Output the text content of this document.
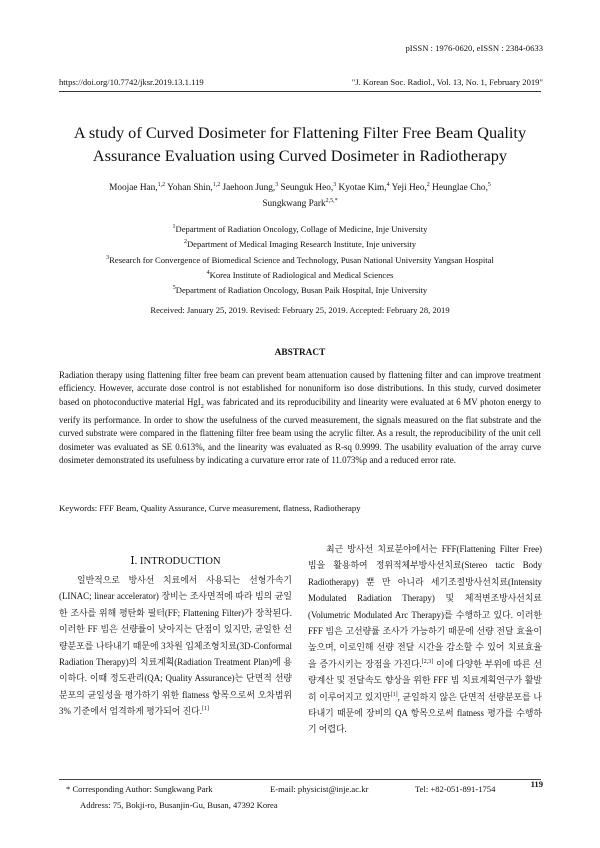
pISSN : 1976-0620, eISSN : 2384-0633
https://doi.org/10.7742/jksr.2019.13.1.119	"J. Korean Soc. Radiol., Vol. 13, No. 1, February 2019"
A study of Curved Dosimeter for Flattening Filter Free Beam Quality
Assurance Evaluation using Curved Dosimeter in Radiotherapy
Moojae Han,$^{1,2}$ Yohan Shin,$^{1,2}$ Jaehoon Jung,$^3$ Seunguk Heo,$^3$ Kyotae Kim,$^4$ Yeji Heo,$^2$ Heunglae Cho,$^5$
Sungkwang Park$^{2,5,*}$
$^1$Department of Radiation Oncology, Collage of Medicine, Inje University
$^2$Department of Medical Imaging Research Institute, Inje university
$^3$Research for Convergence of Biomedical Science and Technology, Pusan National University Yangsan Hospital
$^4$Korea Institute of Radiological and Medical Sciences
$^5$Department of Radiation Oncology, Busan Paik Hospital, Inje University
Received: January 25, 2019. Revised: February 25, 2019. Accepted: February 28, 2019
ABSTRACT
Radiation therapy using flattening filter free beam can prevent beam attenuation caused by flattening filter and can improve treatment efficiency. However, accurate dose control is not established for nonuniform iso dose distributions. In this study, curved dosimeter based on photoconductive material HgI$_2$ was fabricated and its reproducibility and linearity were evaluated at 6 MV photon energy to verify its performance. In order to show the usefulness of the curved measurement, the signals measured on the flat substrate and the curved substrate were compared in the flattening filter free beam using the acrylic filter. As a result, the reproducibility of the unit cell dosimeter was evaluated as SE 0.613%, and the linearity was evaluated as R-sq 0.9999. The usability evaluation of the array curve dosimeter demonstrated its usefulness by indicating a curvature error rate of 11.073%p and a reduced error rate.
Keywords: FFF Beam, Quality Assurance, Curve measurement, flatness, Radiotherapy
Ⅰ. INTRODUCTION

일반적으로 방사선 치료에서 사용되는 선형가속기(LINAC; linear accelerator) 장비는 조사면적에 따라 빔의 균일한 조사를 위해 평탄화 필터(FF; Flattening Filter)가 장착된다. 이러한 FF 빔은 선량률이 낮아지는 단점이 있지만, 균일한 선량분포를 나타내기 때문에 3차원 입체조형치료(3D-Conformal Radiation Therapy)의 치료계획(Radiation Treatment Plan)에 용이하다. 이때 정도관리(QA; Quality Assurance)는 단면적 선량분포의 균일성을 평가하기 위한 flatness 항목으로써 오차범위 3% 기준에서 엄격하게 평가되어 진다.[1]

최근 방사선 치료분야에서는 FFF(Flattening Filter Free) 빔을 활용하여 정위적체부방사선치료(Stereo tactic Body Radiotherapy) 뿐 만 아니라 세기조절방사선치료(Intensity Modulated Radiation Therapy) 및 체적변조방사선치료(Volumetric Modulated Arc Therapy)를 수행하고 있다. 이러한 FFF 빔은 고선량률 조사가 가능하기 때문에 선량 전달 효율이 높으며, 이로인해 선량 전달 시간을 감소할 수 있어 치료효율을 증가시키는 장점을 가진다.[2,3] 이에 다양한 부위에 따른 선량계산 및 전달속도 향상을 위한 FFF 빔 치료계획연구가 활발히 이루어지고 있지만[1], 균일하지 않은 단면적 선량분포를 나타내기 때문에 장비의 QA 항목으로써 flatness 평가를 수행하기 어렵다.

* Corresponding Author: Sungkwang Park	E-mail: physicist@inje.ac.kr	Tel: +82-051-891-1754	119
Address: 75, Bokji-ro, Busanjin-Gu, Busan, 47392 Korea
